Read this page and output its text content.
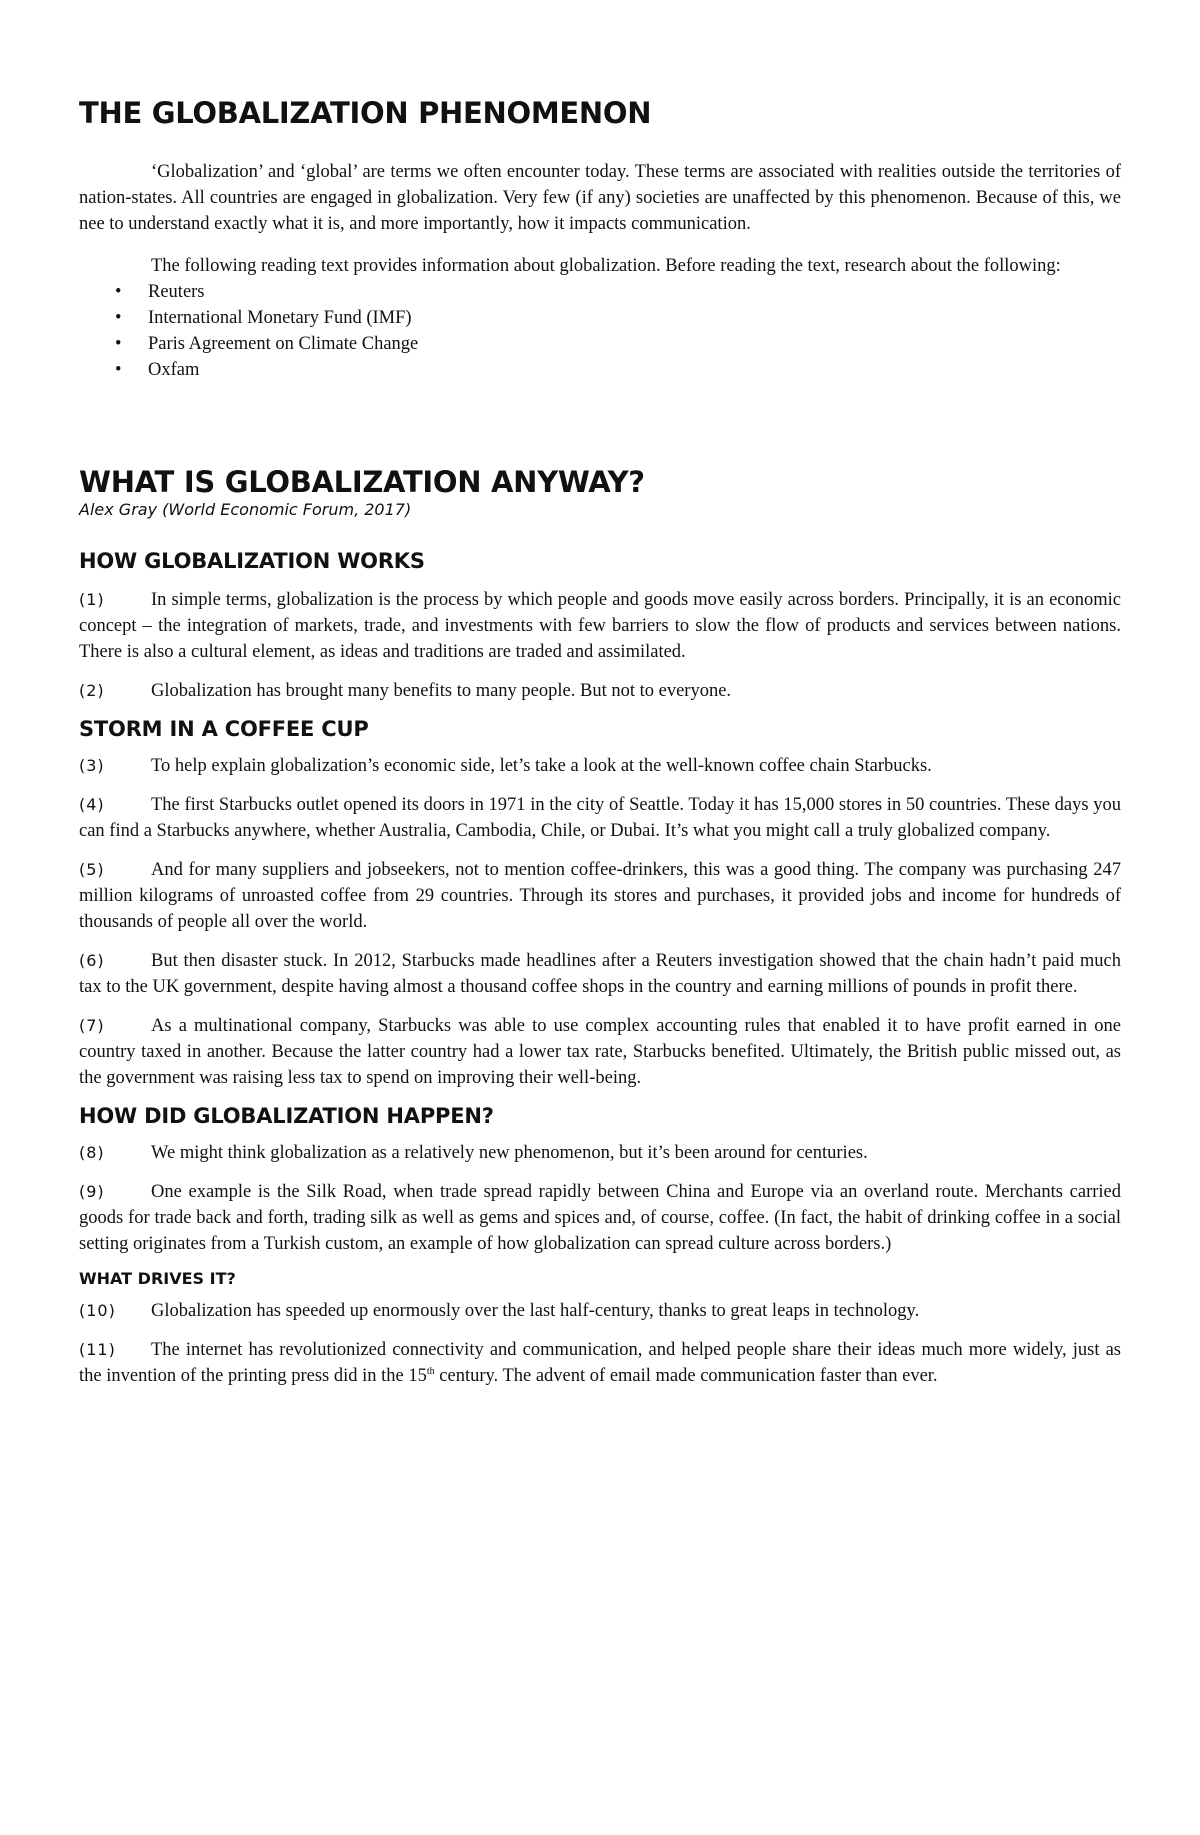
THE GLOBALIZATION PHENOMENON

‘Globalization’ and ‘global’ are terms we often encounter today. These terms are associated with realities outside the territories of nation-states. All countries are engaged in globalization. Very few (if any) societies are unaffected by this phenomenon. Because of this, we nee to understand exactly what it is, and more importantly, how it impacts communication.

The following reading text provides information about globalization. Before reading the text, research about the following:

• Reuters
• International Monetary Fund (IMF)
• Paris Agreement on Climate Change
• Oxfam
WHAT IS GLOBALIZATION ANYWAY?

Alex Gray (World Economic Forum, 2017)

HOW GLOBALIZATION WORKS

(1)	In simple terms, globalization is the process by which people and goods move easily across borders. Principally, it is an economic concept – the integration of markets, trade, and investments with few barriers to slow the flow of products and services between nations. There is also a cultural element, as ideas and traditions are traded and assimilated.

(2)	Globalization has brought many benefits to many people. But not to everyone.

STORM IN A COFFEE CUP

(3)	To help explain globalization’s economic side, let’s take a look at the well-known coffee chain Starbucks.

(4)	The first Starbucks outlet opened its doors in 1971 in the city of Seattle. Today it has 15,000 stores in 50 countries. These days you can find a Starbucks anywhere, whether Australia, Cambodia, Chile, or Dubai. It’s what you might call a truly globalized company.

(5)	And for many suppliers and jobseekers, not to mention coffee-drinkers, this was a good thing. The company was purchasing 247 million kilograms of unroasted coffee from 29 countries. Through its stores and purchases, it provided jobs and income for hundreds of thousands of people all over the world.

(6)	But then disaster stuck. In 2012, Starbucks made headlines after a Reuters investigation showed that the chain hadn’t paid much tax to the UK government, despite having almost a thousand coffee shops in the country and earning millions of pounds in profit there.

(7)	As a multinational company, Starbucks was able to use complex accounting rules that enabled it to have profit earned in one country taxed in another. Because the latter country had a lower tax rate, Starbucks benefited. Ultimately, the British public missed out, as the government was raising less tax to spend on improving their well-being.

HOW DID GLOBALIZATION HAPPEN?

(8)	We might think globalization as a relatively new phenomenon, but it’s been around for centuries.

(9)	One example is the Silk Road, when trade spread rapidly between China and Europe via an overland route. Merchants carried goods for trade back and forth, trading silk as well as gems and spices and, of course, coffee. (In fact, the habit of drinking coffee in a social setting originates from a Turkish custom, an example of how globalization can spread culture across borders.)

WHAT DRIVES IT?

(10) Globalization has speeded up enormously over the last half-century, thanks to great leaps in technology.

(11) The internet has revolutionized connectivity and communication, and helped people share their ideas much more widely, just as the invention of the printing press did in the 15th century. The advent of email made communication faster than ever.
